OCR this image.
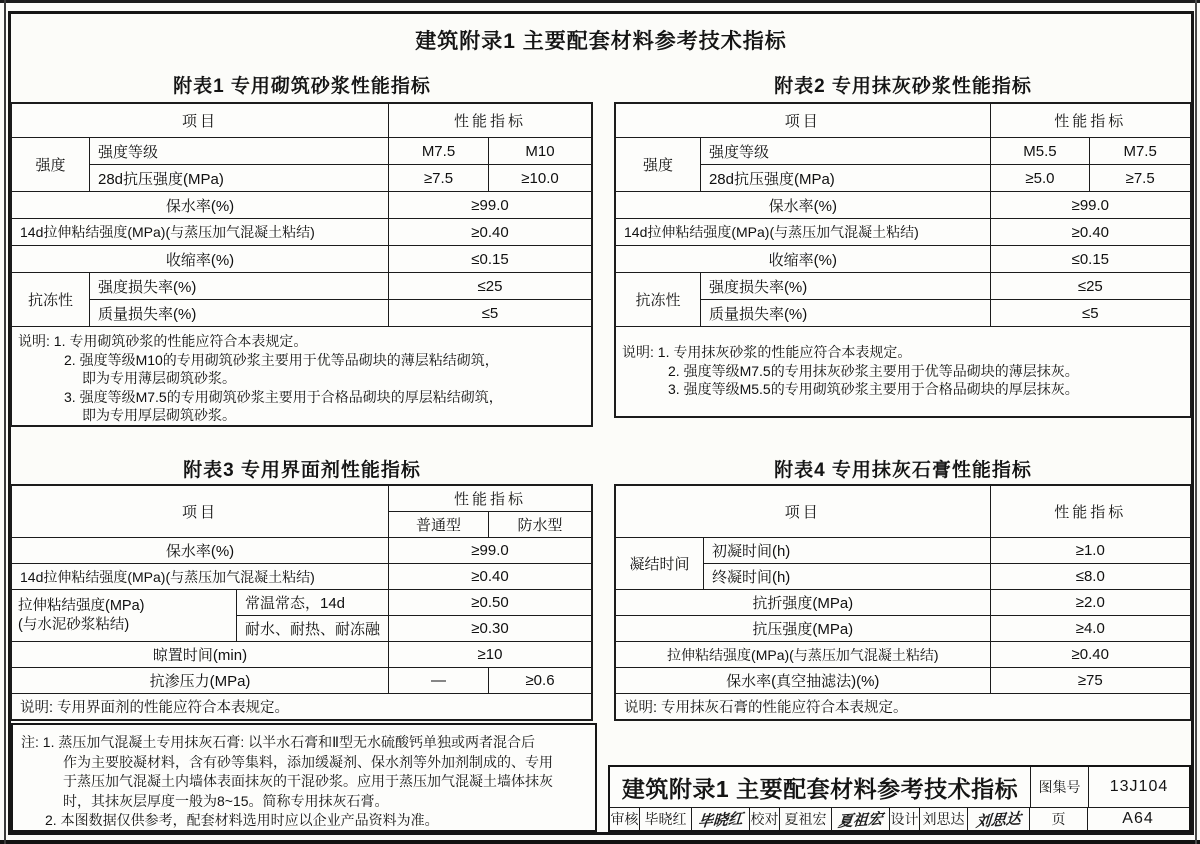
建筑附录1 主要配套材料参考技术指标
附表1 专用砌筑砂浆性能指标
项目		性能指标	
强度	强度等级	M7.5	M10
	28d抗压强度(MPa)	≥7.5	≥10.0
保水率(%)		≥99.0	
14d拉伸粘结强度(MPa)(与蒸压加气混凝土粘结)		≥0.40	
收缩率(%)		≤0.15	
抗冻性	强度损失率(%)	≤25	
	质量损失率(%)	≤5	

说明: 1. 专用砌筑砂浆的性能应符合本表规定。
2. 强度等级M10的专用砌筑砂浆主要用于优等品砌块的薄层粘结砌筑，
即为专用薄层砌筑砂浆。
3. 强度等级M7.5的专用砌筑砂浆主要用于合格品砌块的厚层粘结砌筑，
即为专用厚层砌筑砂浆。			
附表2 专用抹灰砂浆性能指标
项目		性能指标	
强度	强度等级	M5.5	M7.5
	28d抗压强度(MPa)	≥5.0	≥7.5
保水率(%)		≥99.0	
14d拉伸粘结强度(MPa)(与蒸压加气混凝土粘结)		≥0.40	
收缩率(%)		≤0.15	
抗冻性	强度损失率(%)	≤25	
	质量损失率(%)	≤5	

说明: 1. 专用抹灰砂浆的性能应符合本表规定。
2. 强度等级M7.5的专用抹灰砂浆主要用于优等品砌块的薄层抹灰。
3. 强度等级M5.5的专用砌筑砂浆主要用于合格品砌块的厚层抹灰。			
附表3 专用界面剂性能指标
项目		性能指标	
		普通型	防水型
保水率(%)		≥99.0	
14d拉伸粘结强度(MPa)(与蒸压加气混凝土粘结)		≥0.40	
拉伸粘结强度(MPa)
(与水泥砂浆粘结)	常温常态，14d	≥0.50	
	耐水、耐热、耐冻融	≥0.30	
晾置时间(min)		≥10	
抗渗压力(MPa)		—	≥0.6
说明: 专用界面剂的性能应符合本表规定。			
附表4 专用抹灰石膏性能指标
项目		性能指标
凝结时间	初凝时间(h)	≥1.0
	终凝时间(h)	≤8.0
抗折强度(MPa)		≥2.0
抗压强度(MPa)		≥4.0
拉伸粘结强度(MPa)(与蒸压加气混凝土粘结)		≥0.40
保水率(真空抽滤法)(%)		≥75
说明: 专用抹灰石膏的性能应符合本表规定。		
注: 1. 蒸压加气混凝土专用抹灰石膏: 以半水石膏和Ⅱ型无水硫酸钙单独或两者混合后
作为主要胶凝材料，含有砂等集料，添加缓凝剂、保水剂等外加剂制成的、专用
于蒸压加气混凝土内墙体表面抹灰的干混砂浆。应用于蒸压加气混凝土墙体抹灰
时，其抹灰层厚度一般为8~15。简称专用抹灰石膏。
2. 本图数据仅供参考，配套材料选用时应以企业产品资料为准。
建筑附录1 主要配套材料参考技术指标	图集号	13J104
审核 毕晓红 毕晓红 校对 夏祖宏 夏祖宏 设计 刘思达 刘思达	页	A64
